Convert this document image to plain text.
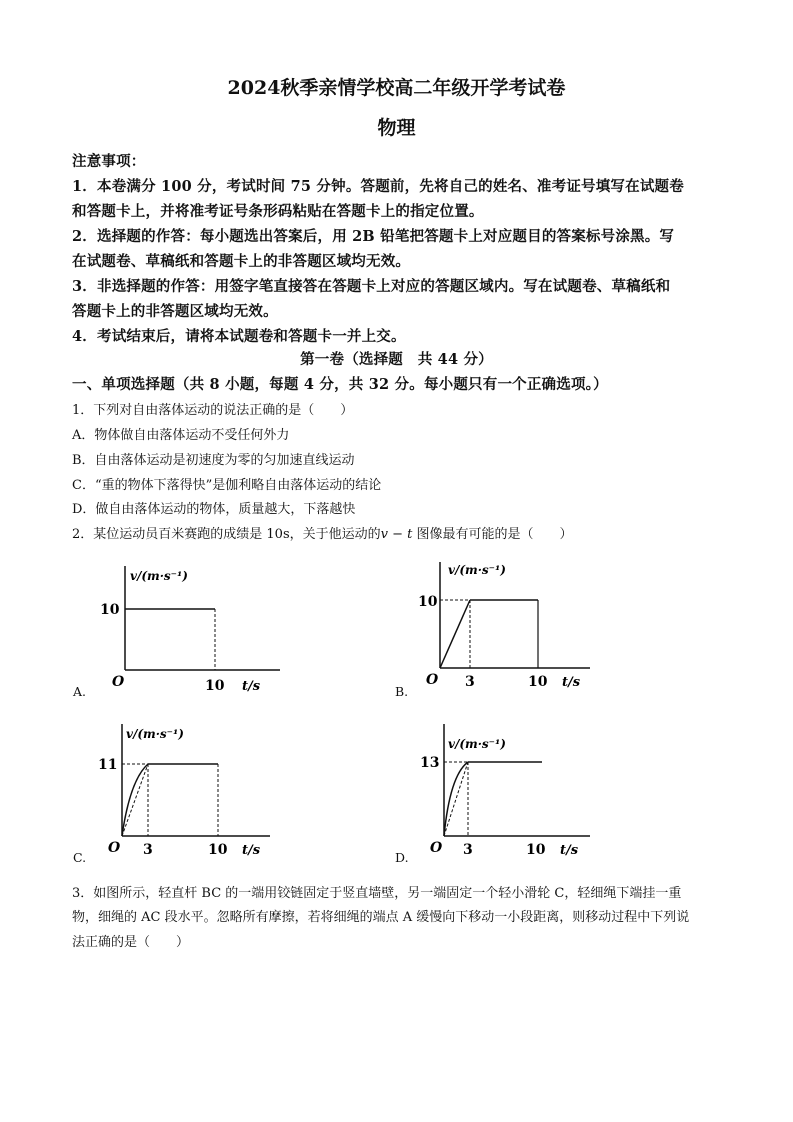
2024秋季亲情学校高二年级开学考试卷
物理
注意事项：
1．本卷满分 100 分，考试时间 75 分钟。答题前，先将自己的姓名、准考证号填写在试题卷
和答题卡上，并将准考证号条形码粘贴在答题卡上的指定位置。
2．选择题的作答：每小题选出答案后，用 2B 铅笔把答题卡上对应题目的答案标号涂黑。写
在试题卷、草稿纸和答题卡上的非答题区域均无效。
3．非选择题的作答：用签字笔直接答在答题卡上对应的答题区域内。写在试题卷、草稿纸和
答题卡上的非答题区域均无效。
4．考试结束后，请将本试题卷和答题卡一并上交。
第一卷（选择题　共 44 分）
一、单项选择题（共 8 小题，每题 4 分，共 32 分。每小题只有一个正确选项。）
1．下列对自由落体运动的说法正确的是（　　）
A．物体做自由落体运动不受任何外力
B．自由落体运动是初速度为零的匀加速直线运动
C．“重的物体下落得快”是伽利略自由落体运动的结论
D．做自由落体运动的物体，质量越大，下落越快
2．某位运动员百米赛跑的成绩是 10s，关于他运动的v − t 图像最有可能的是（　　）
v/(m·s⁻¹)
10
O	10 t/s
A.
v/(m·s⁻¹)
10
O 3	10 t/s
B.
v/(m·s⁻¹)
11
O 3	10 t/s
C.
v/(m·s⁻¹)
13
O 3	10 t/s
D.
3．如图所示，轻直杆 BC 的一端用铰链固定于竖直墙壁，另一端固定一个轻小滑轮 C，轻细绳下端挂一重
物，细绳的 AC 段水平。忽略所有摩擦，若将细绳的端点 A 缓慢向下移动一小段距离，则移动过程中下列说
法正确的是（　　）
